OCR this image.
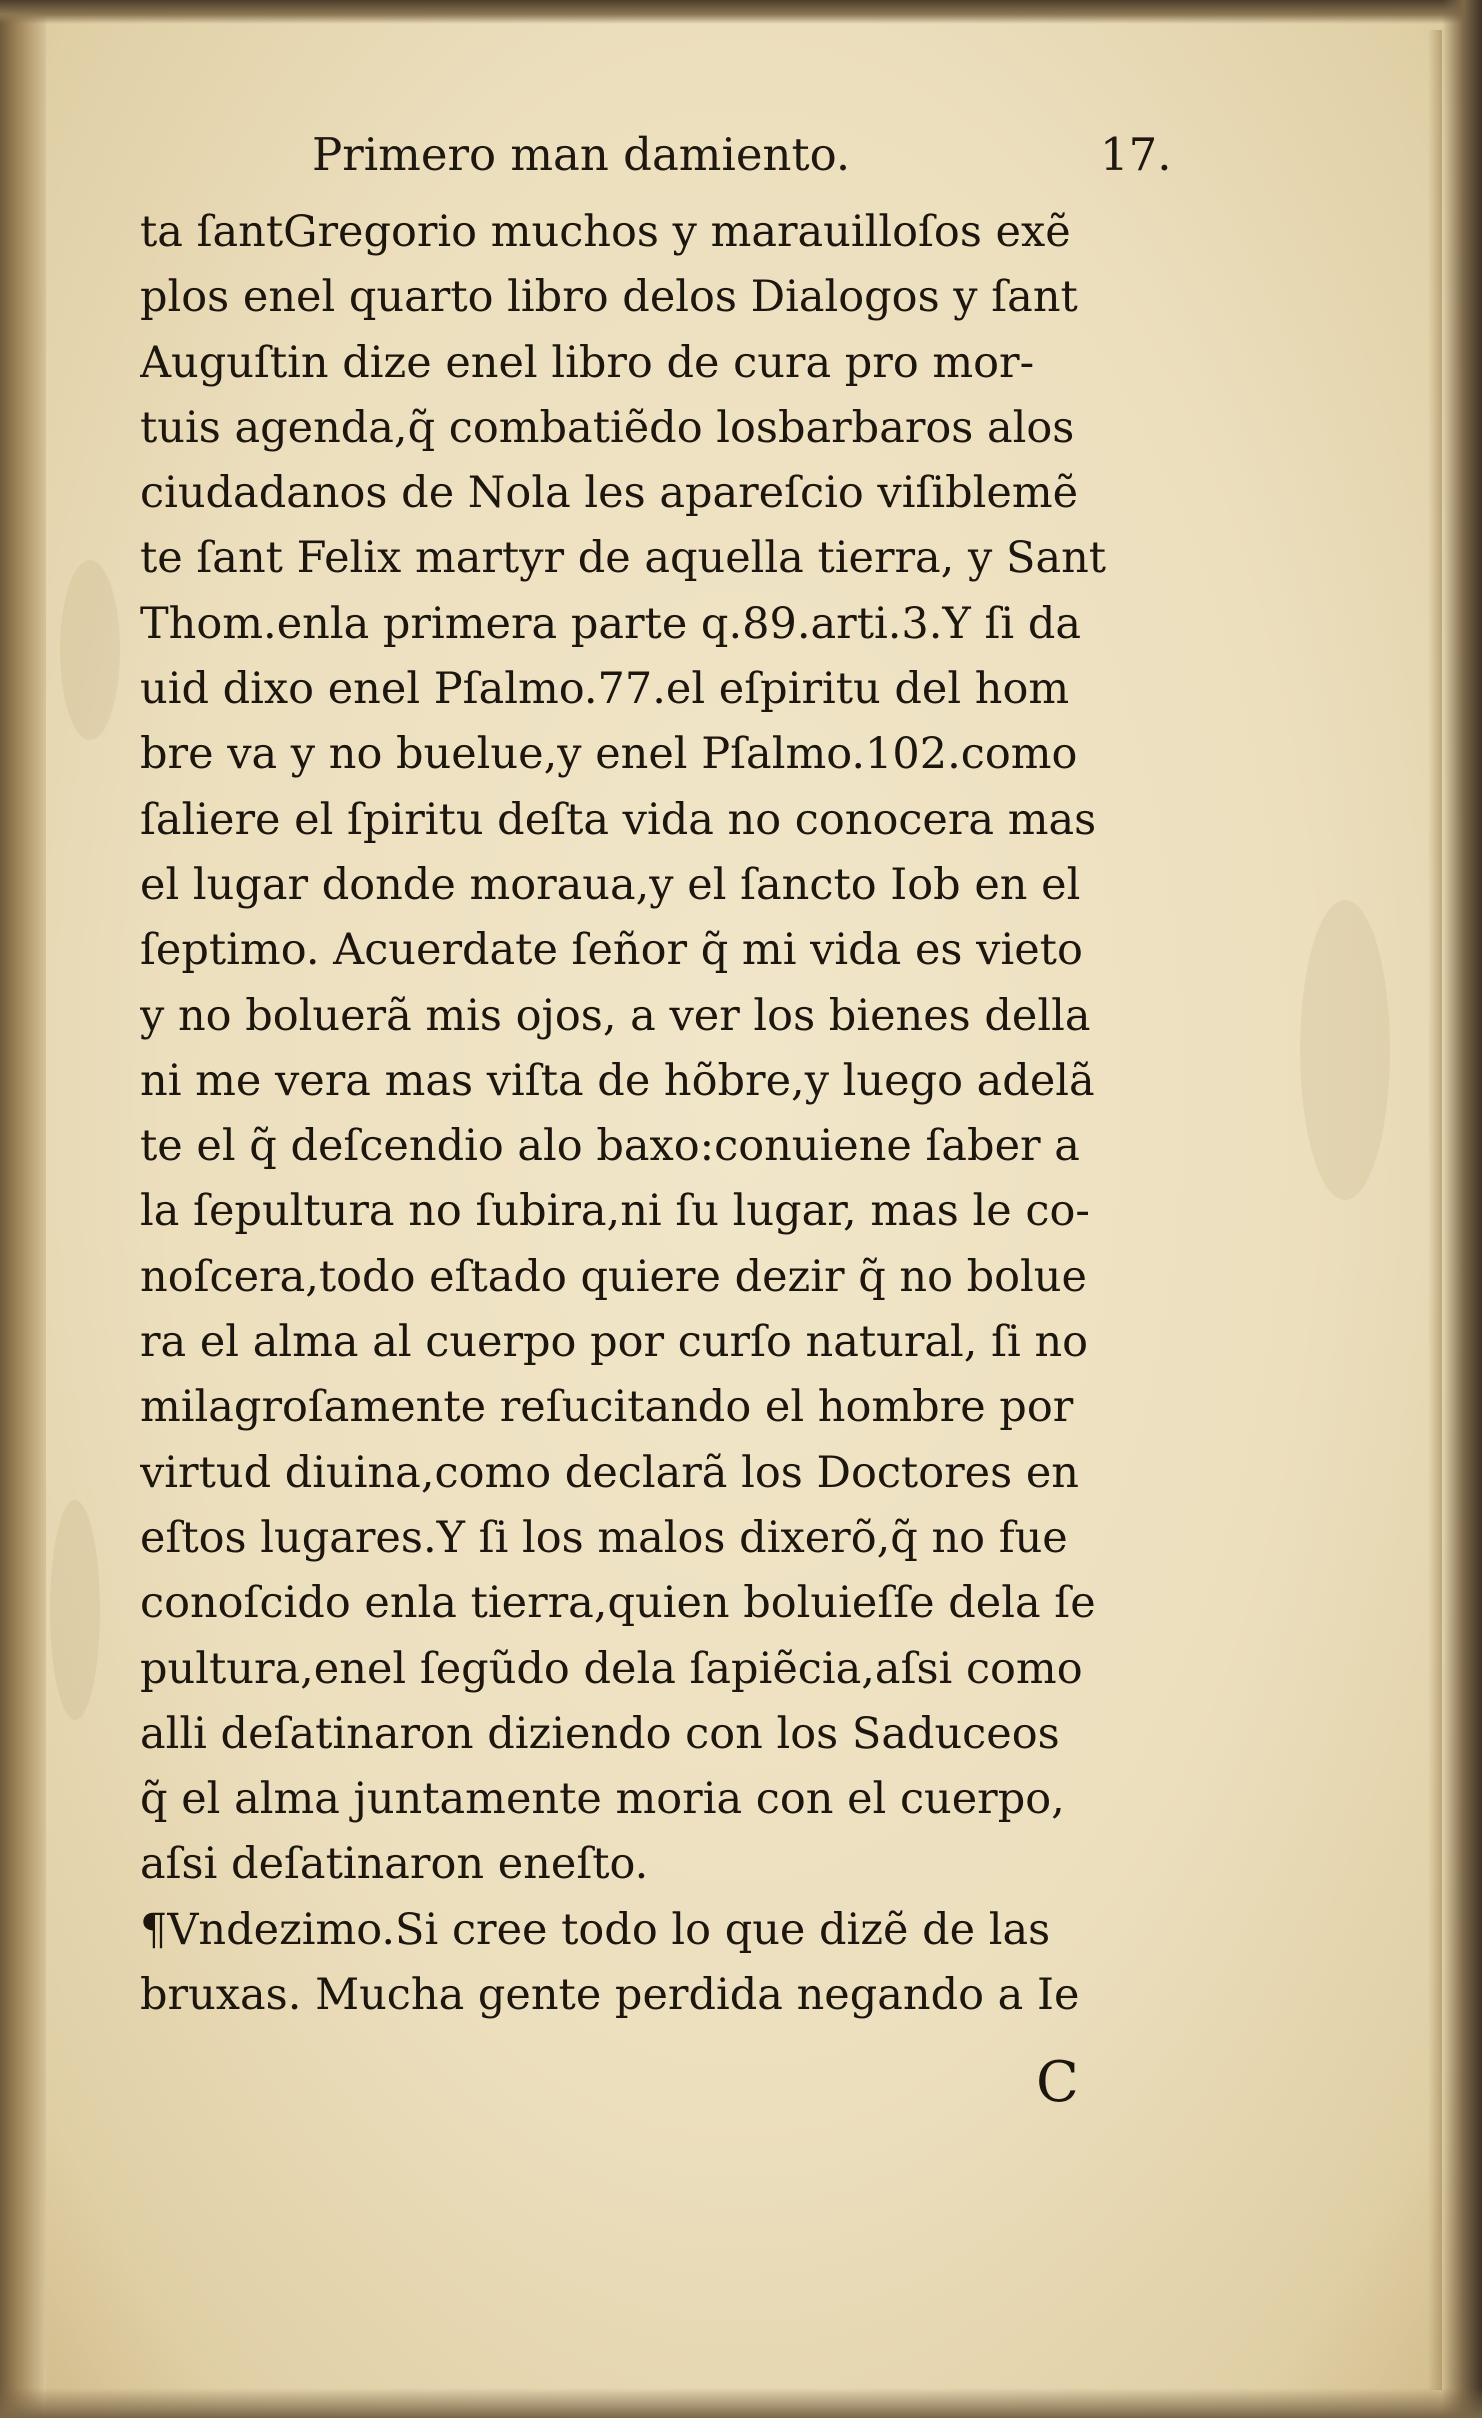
Primero man damiento.	17.
ta ſantGregorio muchos y marauilloſos exẽ
plos enel quarto libro delos Dialogos y ſant
Auguſtin dize enel libro de cura pro mor-
tuis agenda,q̃ combatiẽdo losbarbaros alos
ciudadanos de Nola les apareſcio viſiblemẽ
te ſant Felix martyr de aquella tierra, y Sant
Thom.enla primera parte q.89.arti.3.Y ſi da
uid dixo enel Pſalmo.77.el eſpiritu del hom
bre va y no buelue,y enel Pſalmo.102.como
ſaliere el ſpiritu deſta vida no conocera mas
el lugar donde moraua,y el ſancto Iob en el
ſeptimo. Acuerdate ſeñor q̃ mi vida es vieto
y no boluerã mis ojos, a ver los bienes della
ni me vera mas viſta de hõbre,y luego adelã
te el q̃ deſcendio alo baxo:conuiene ſaber a
la ſepultura no ſubira,ni ſu lugar, mas le co-
noſcera,todo eſtado quiere dezir q̃ no bolue
ra el alma al cuerpo por curſo natural, ſi no
milagroſamente reſucitando el hombre por
virtud diuina,como declarã los Doctores en
eſtos lugares.Y ſi los malos dixerõ,q̃ no fue
conoſcido enla tierra,quien boluieſſe dela ſe
pultura,enel ſegũdo dela ſapiẽcia,aſsi como
alli deſatinaron diziendo con los Saduceos
q̃ el alma juntamente moria con el cuerpo,
aſsi deſatinaron eneſto.
¶Vndezimo.Si cree todo lo que dizẽ de las
bruxas. Mucha gente perdida negando a Ie
C
